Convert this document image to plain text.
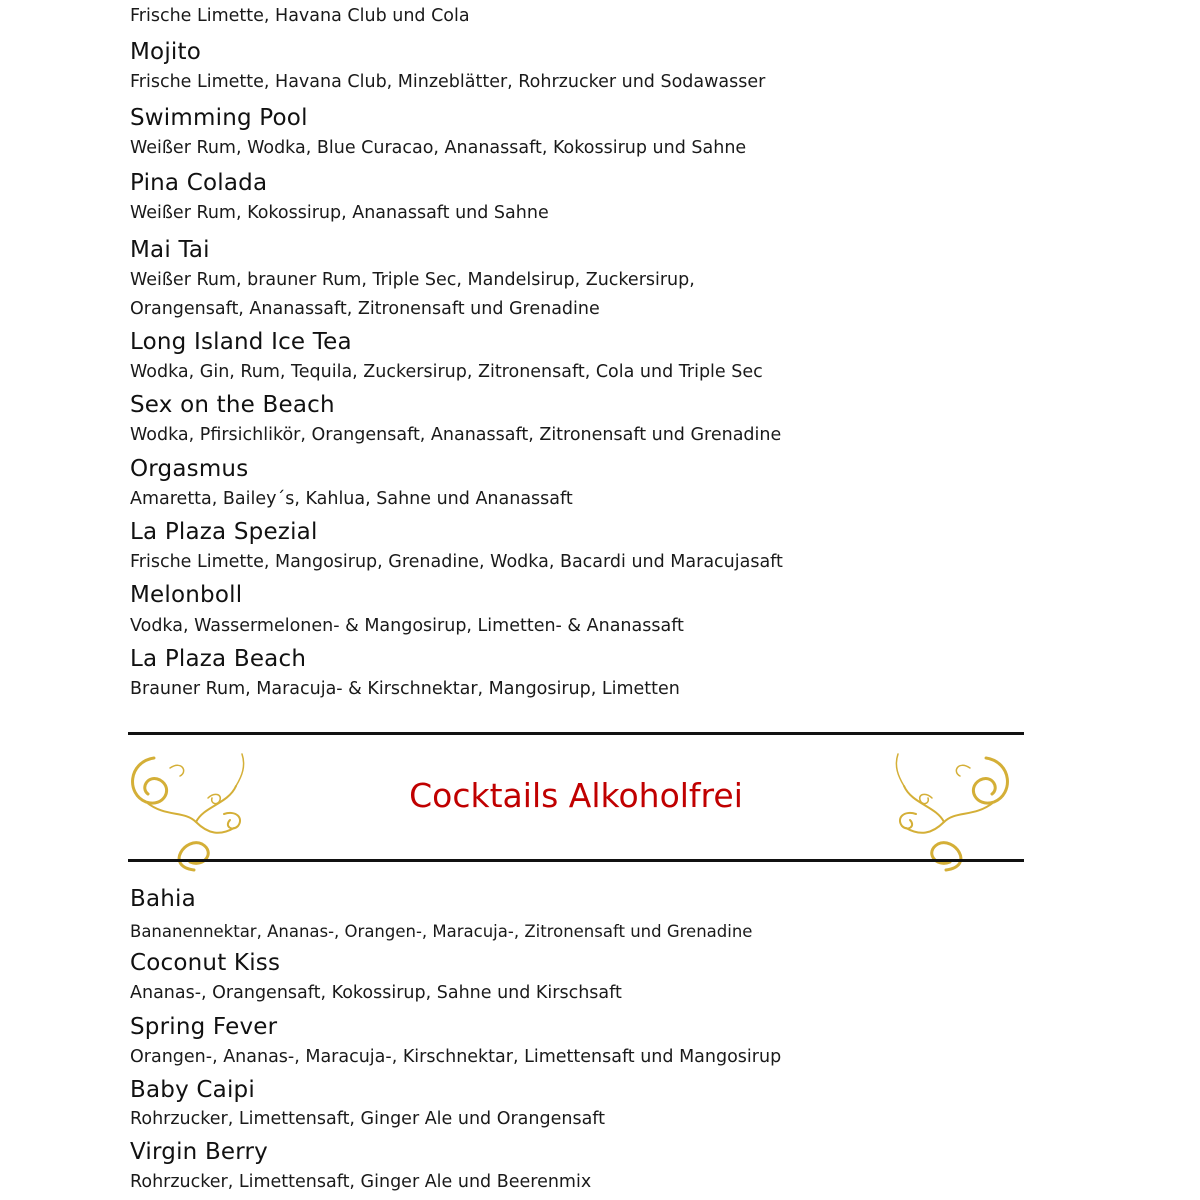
Frische Limette, Havana Club und Cola
Mojito
Frische Limette, Havana Club, Minzeblätter, Rohrzucker und Sodawasser
Swimming Pool
Weißer Rum, Wodka, Blue Curacao, Ananassaft, Kokossirup und Sahne
Pina Colada
Weißer Rum, Kokossirup, Ananassaft und Sahne
Mai Tai
Weißer Rum, brauner Rum, Triple Sec, Mandelsirup, Zuckersirup,
Orangensaft, Ananassaft, Zitronensaft und Grenadine
Long Island Ice Tea
Wodka, Gin, Rum, Tequila, Zuckersirup, Zitronensaft, Cola und Triple Sec
Sex on the Beach
Wodka, Pfirsichlikör, Orangensaft, Ananassaft, Zitronensaft und Grenadine
Orgasmus
Amaretta, Bailey´s, Kahlua, Sahne und Ananassaft
La Plaza Spezial
Frische Limette, Mangosirup, Grenadine, Wodka, Bacardi und Maracujasaft
Melonboll
Vodka, Wassermelonen- & Mangosirup, Limetten- & Ananassaft
La Plaza Beach
Brauner Rum, Maracuja- & Kirschnektar, Mangosirup, Limetten
Cocktails Alkoholfrei
Bahia
Bananennektar, Ananas-, Orangen-, Maracuja-, Zitronensaft und Grenadine
Coconut Kiss
Ananas-, Orangensaft, Kokossirup, Sahne und Kirschsaft
Spring Fever
Orangen-, Ananas-, Maracuja-, Kirschnektar, Limettensaft und Mangosirup
Baby Caipi
Rohrzucker, Limettensaft, Ginger Ale und Orangensaft
Virgin Berry
Rohrzucker, Limettensaft, Ginger Ale und Beerenmix
